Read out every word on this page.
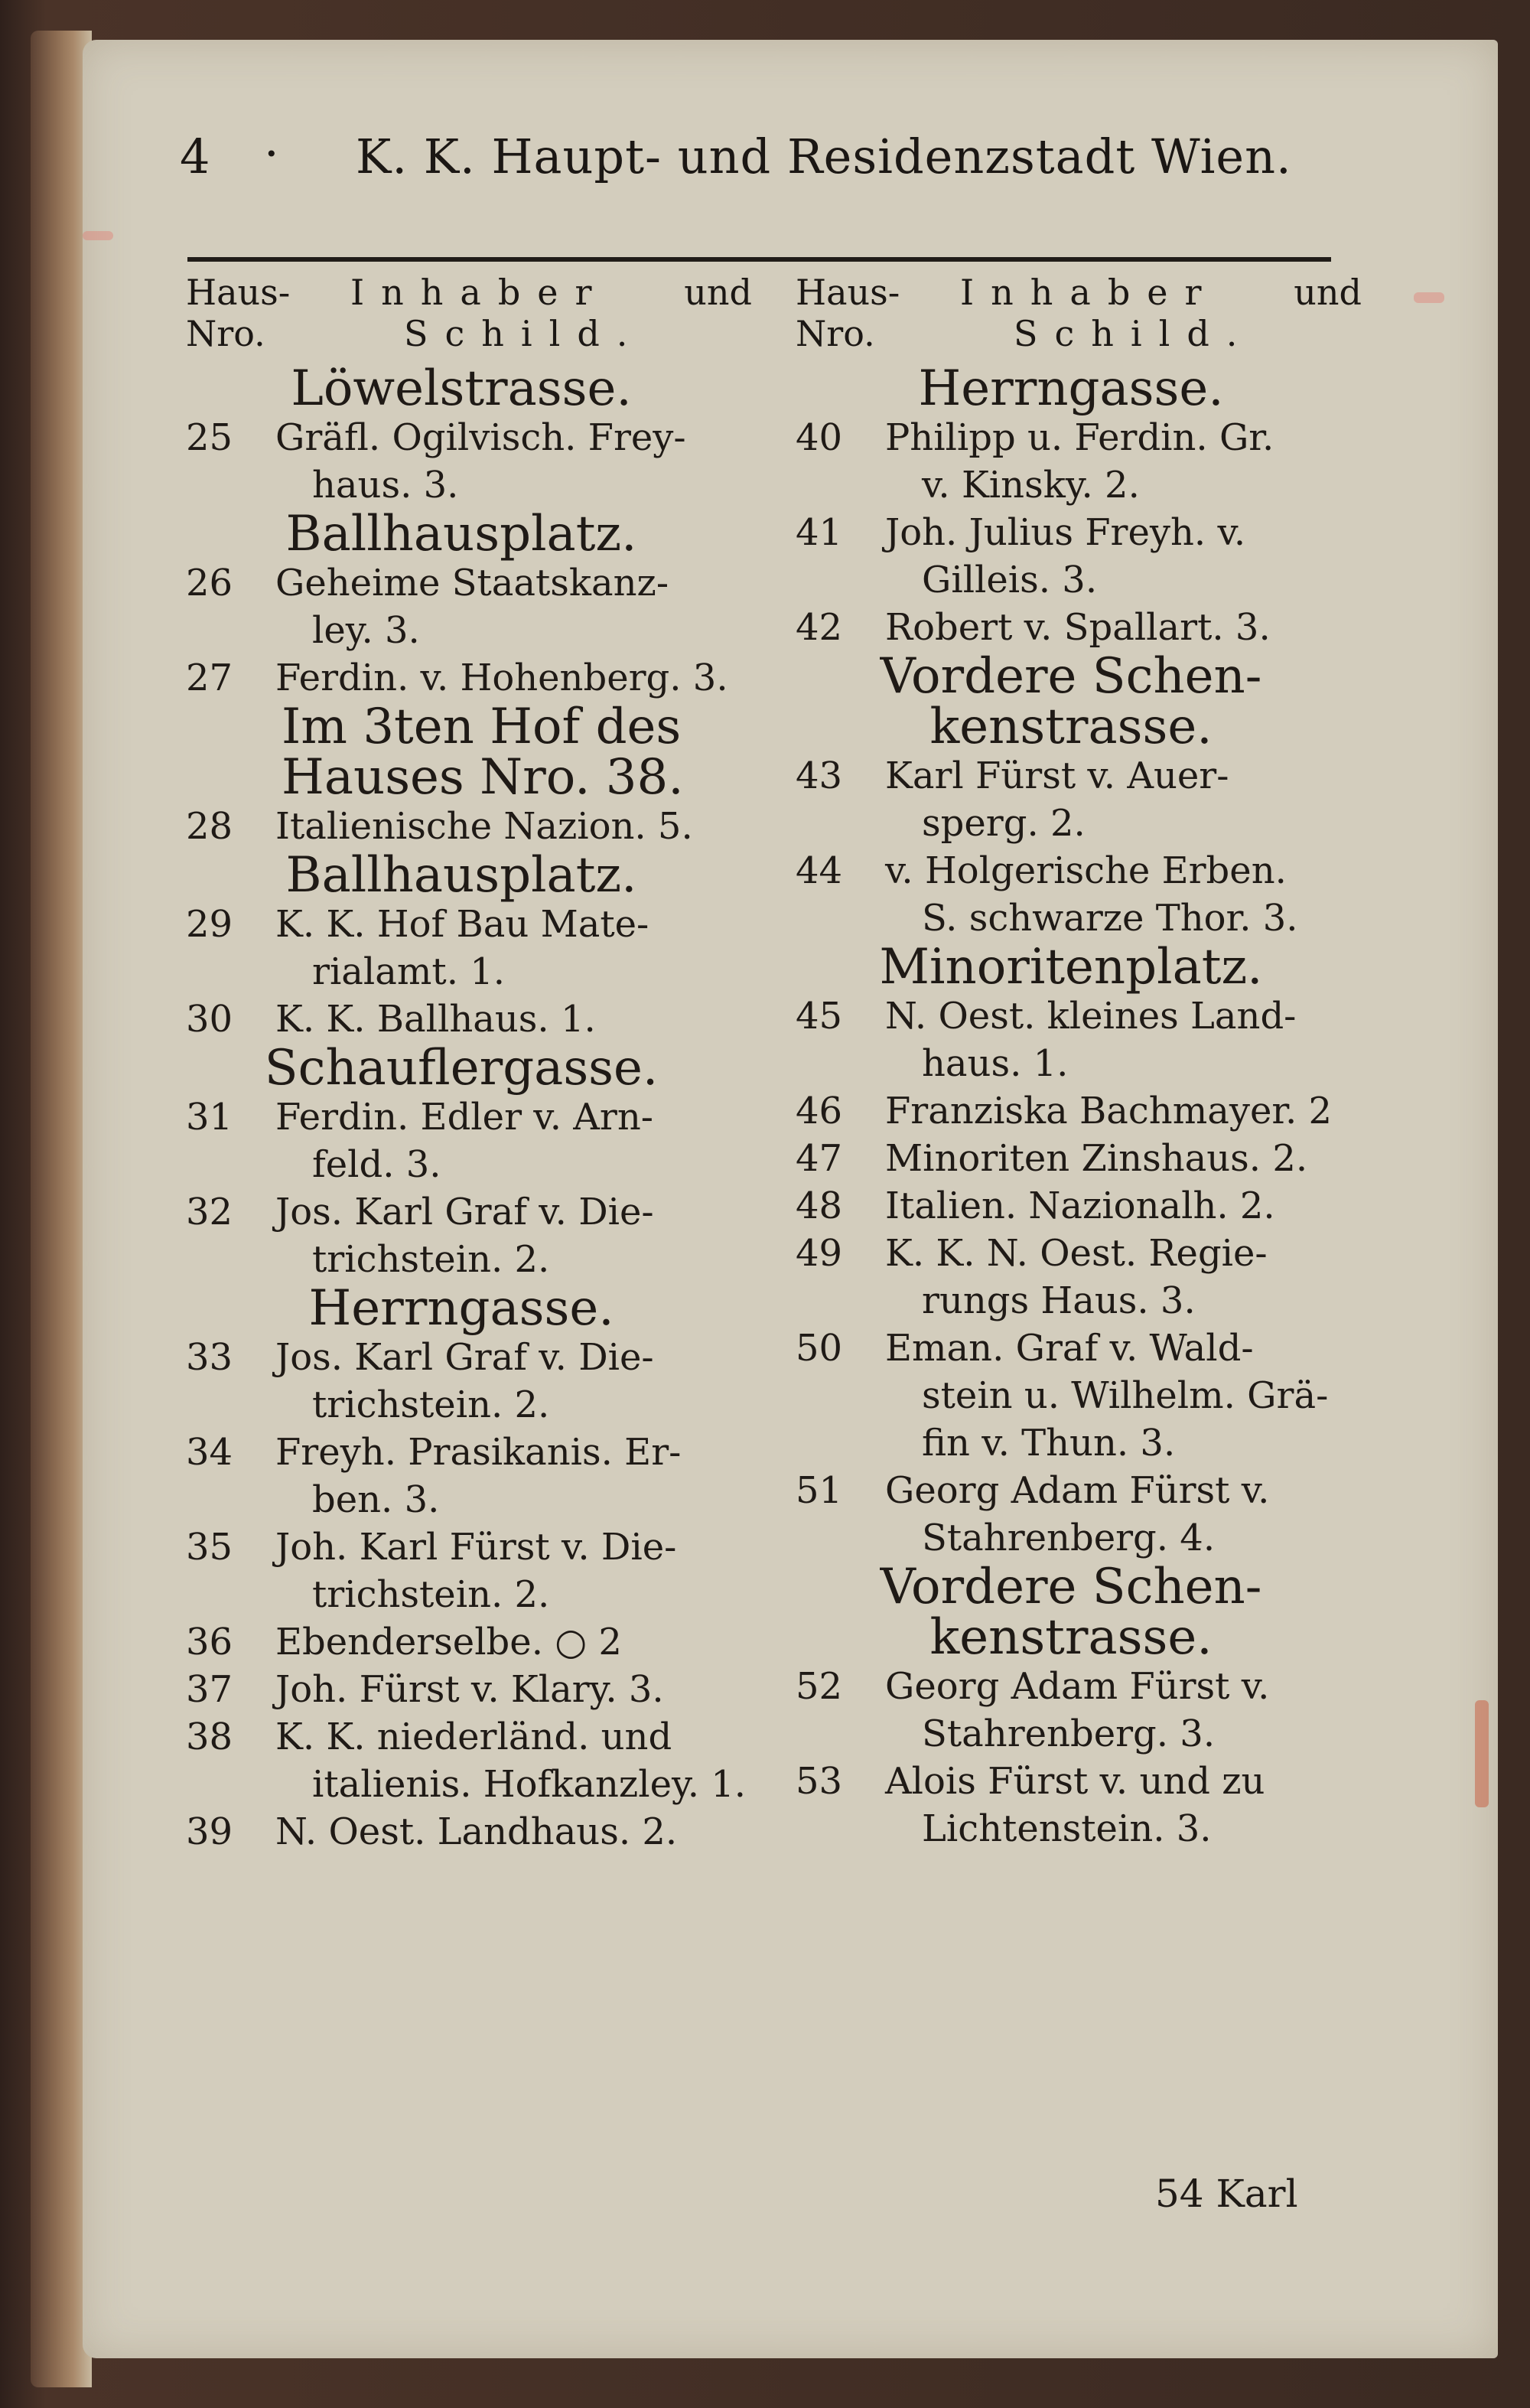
4 · K. K. Haupt- und Residenzstadt Wien.
Haus-
Nro.
Inhaber und
Schild.
Löwelstrasse.
25	Gräfl. Ogilvisch. Frey-
haus. 3.
Ballhausplatz.
26	Geheime Staatskanz-
ley. 3.
27	Ferdin. v. Hohenberg. 3.
Im 3ten Hof des
Hauses Nro. 38.
28	Italienische Nazion. 5.
Ballhausplatz.
29	K. K. Hof Bau Mate-
rialamt. 1.
30	K. K. Ballhaus. 1.
Schauflergasse.
31	Ferdin. Edler v. Arn-
feld. 3.
32	Jos. Karl Graf v. Die-
trichstein. 2.
Herrngasse.
33	Jos. Karl Graf v. Die-
trichstein. 2.
34	Freyh. Prasikanis. Er-
ben. 3.
35	Joh. Karl Fürst v. Die-
trichstein. 2.
36	Ebenderselbe. ○ 2
37	Joh. Fürst v. Klary. 3.
38	K. K. niederländ. und
italienis. Hofkanzley. 1.
39	N. Oest. Landhaus. 2.
Haus-
Nro.
Inhaber und
Schild.
Herrngasse.
40	Philipp u. Ferdin. Gr.
v. Kinsky. 2.
41	Joh. Julius Freyh. v.
Gilleis. 3.
42	Robert v. Spallart. 3.
Vordere Schen-
kenstrasse.
43	Karl Fürst v. Auer-
sperg. 2.
44	v. Holgerische Erben.
S. schwarze Thor. 3.
Minoritenplatz.
45	N. Oest. kleines Land-
haus. 1.
46	Franziska Bachmayer. 2
47	Minoriten Zinshaus. 2.
48	Italien. Nazionalh. 2.
49	K. K. N. Oest. Regie-
rungs Haus. 3.
50	Eman. Graf v. Wald-
stein u. Wilhelm. Grä-
fin v. Thun. 3.
51	Georg Adam Fürst v.
Stahrenberg. 4.
Vordere Schen-
kenstrasse.
52	Georg Adam Fürst v.
Stahrenberg. 3.
53	Alois Fürst v. und zu
Lichtenstein. 3.
54 Karl
